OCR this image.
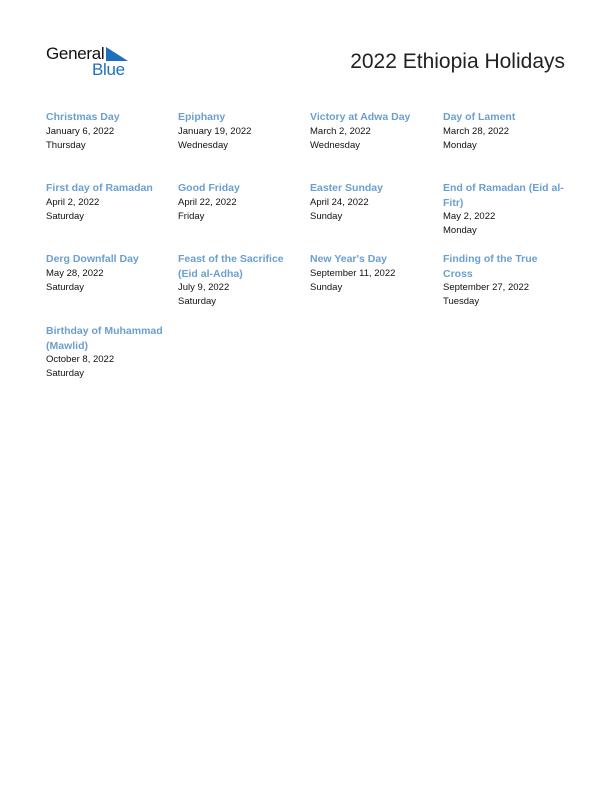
General
Blue	2022 Ethiopia Holidays
Christmas Day
January 6, 2022
Thursday
Epiphany
January 19, 2022
Wednesday
Victory at Adwa Day
March 2, 2022
Wednesday
Day of Lament
March 28, 2022
Monday
First day of Ramadan
April 2, 2022
Saturday
Good Friday
April 22, 2022
Friday
Easter Sunday
April 24, 2022
Sunday
End of Ramadan (Eid al-Fitr)
May 2, 2022
Monday
Derg Downfall Day
May 28, 2022
Saturday
Feast of the Sacrifice (Eid al-Adha)
July 9, 2022
Saturday
New Year's Day
September 11, 2022
Sunday
Finding of the True Cross
September 27, 2022
Tuesday
Birthday of Muhammad (Mawlid)
October 8, 2022
Saturday
